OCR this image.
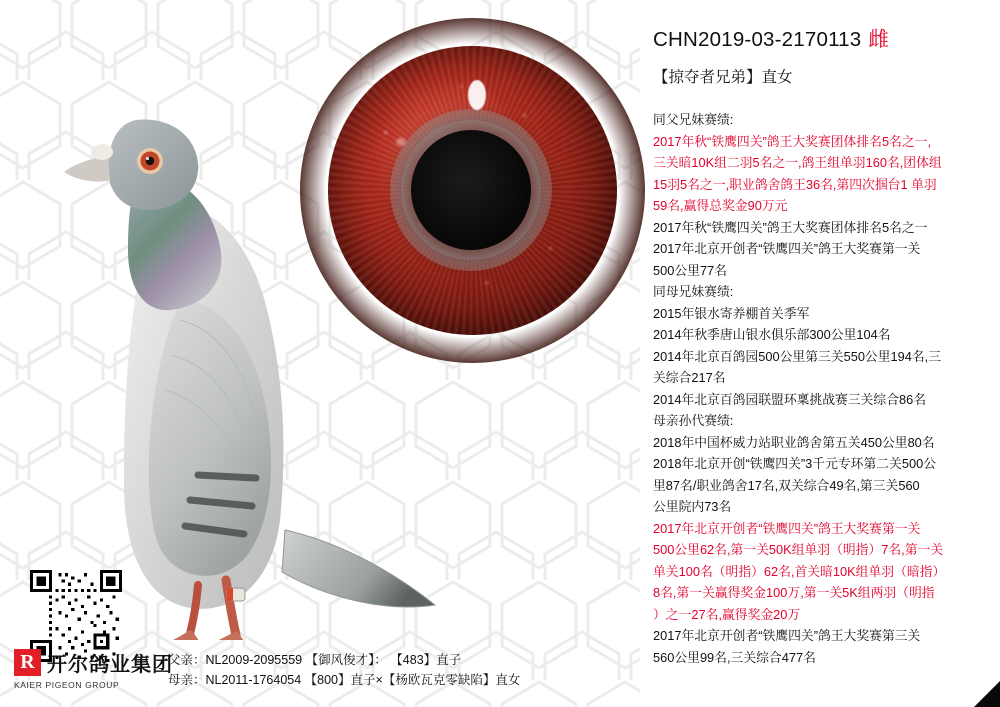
R 开尔鸽业集团
KAIER PIGEON GROUP
父亲：NL2009-2095559 【御风俊才】： 【483】直子
母亲：NL2011-1764054 【800】直子×【杨欧瓦克零缺陷】直女
CHN2019-03-2170113 雌
【掠夺者兄弟】直女
同父兄妹赛绩:
2017年秋“铁鹰四关”鸽王大奖赛团体排名5名之一,
三关暗10K组二羽5名之一,鸽王组单羽160名,团体组
15羽5名之一,职业鸽舍鸽王36名,第四次掴台1 单羽
59名,赢得总奖金90万元
2017年秋“铁鹰四关”鸽王大奖赛团体排名5名之一
2017年北京开创者“铁鹰四关”鸽王大奖赛第一关
500公里77名
同母兄妹赛绩:
2015年银水寄养棚首关季军
2014年秋季唐山银水俱乐部300公里104名
2014年北京百鸽园500公里第三关550公里194名,三
关综合217名
2014年北京百鸽园联盟环稟挑战赛三关综合86名
母亲孙代赛绩:
2018年中国杯威力站职业鸽舍第五关450公里80名
2018年北京开创“铁鹰四关”3千元专环第二关500公
里87名/职业鸽舍17名,双关综合49名,第三关560
公里院内73名
2017年北京开创者“铁鹰四关”鸽王大奖赛第一关
500公里62名,第一关50K组单羽（明指）7名,第一关
单关100名（明指）62名,首关暗10K组单羽（暗指）
8名,第一关赢得奖金100万,第一关5K组两羽（明指
）之一27名,赢得奖金20万
2017年北京开创者“铁鹰四关”鸽王大奖赛第三关
560公里99名,三关综合477名
